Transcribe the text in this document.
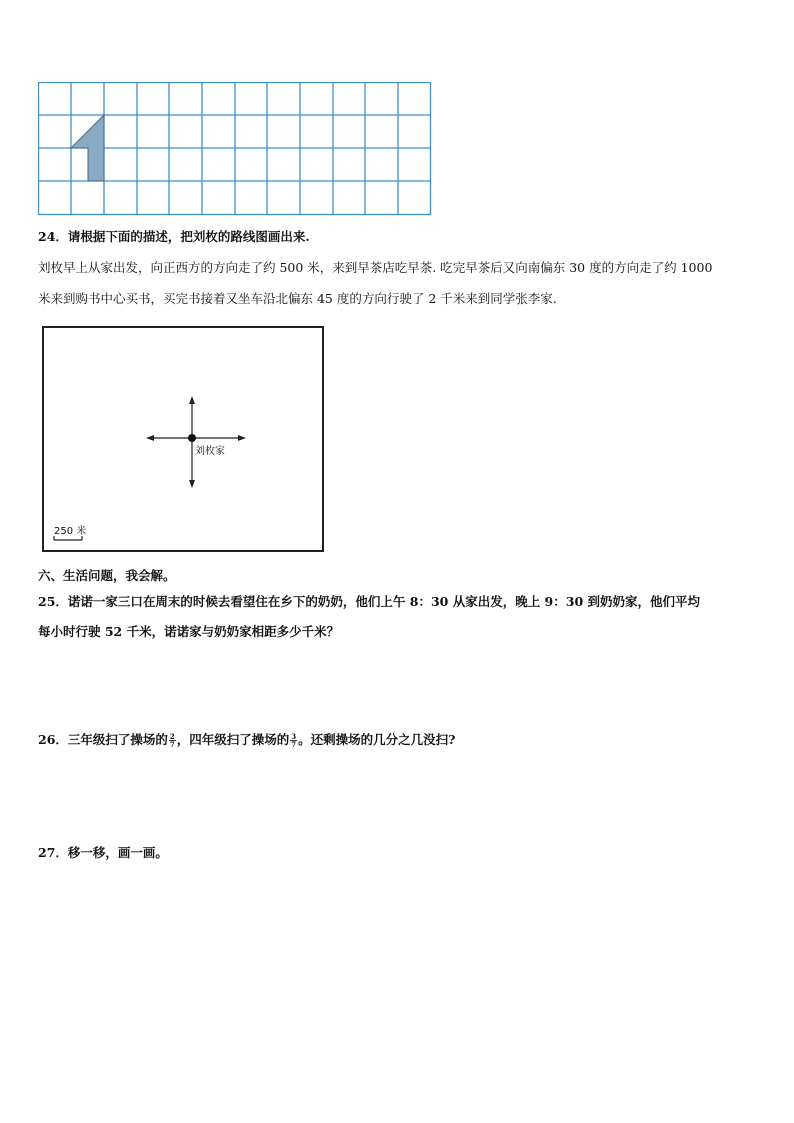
24．请根据下面的描述，把刘枚的路线图画出来.
刘枚早上从家出发，向正西方的方向走了约 500 米，来到早茶店吃早茶. 吃完早茶后又向南偏东 30 度的方向走了约 1000
米来到购书中心买书，买完书接着又坐车沿北偏东 45 度的方向行驶了 2 千米来到同学张李家.
刘枚家
250 米
六、生活问题，我会解。
25．诺诺一家三口在周末的时候去看望住在乡下的奶奶，他们上午 8：30 从家出发，晚上 9：30 到奶奶家，他们平均
每小时行驶 52 千米，诺诺家与奶奶家相距多少千米？
26．三年级扫了操场的 $\frac{2}{7}$ ，四年级扫了操场的 $\frac{3}{7}$ 。还剩操场的几分之几没扫?
27．移一移，画一画。
